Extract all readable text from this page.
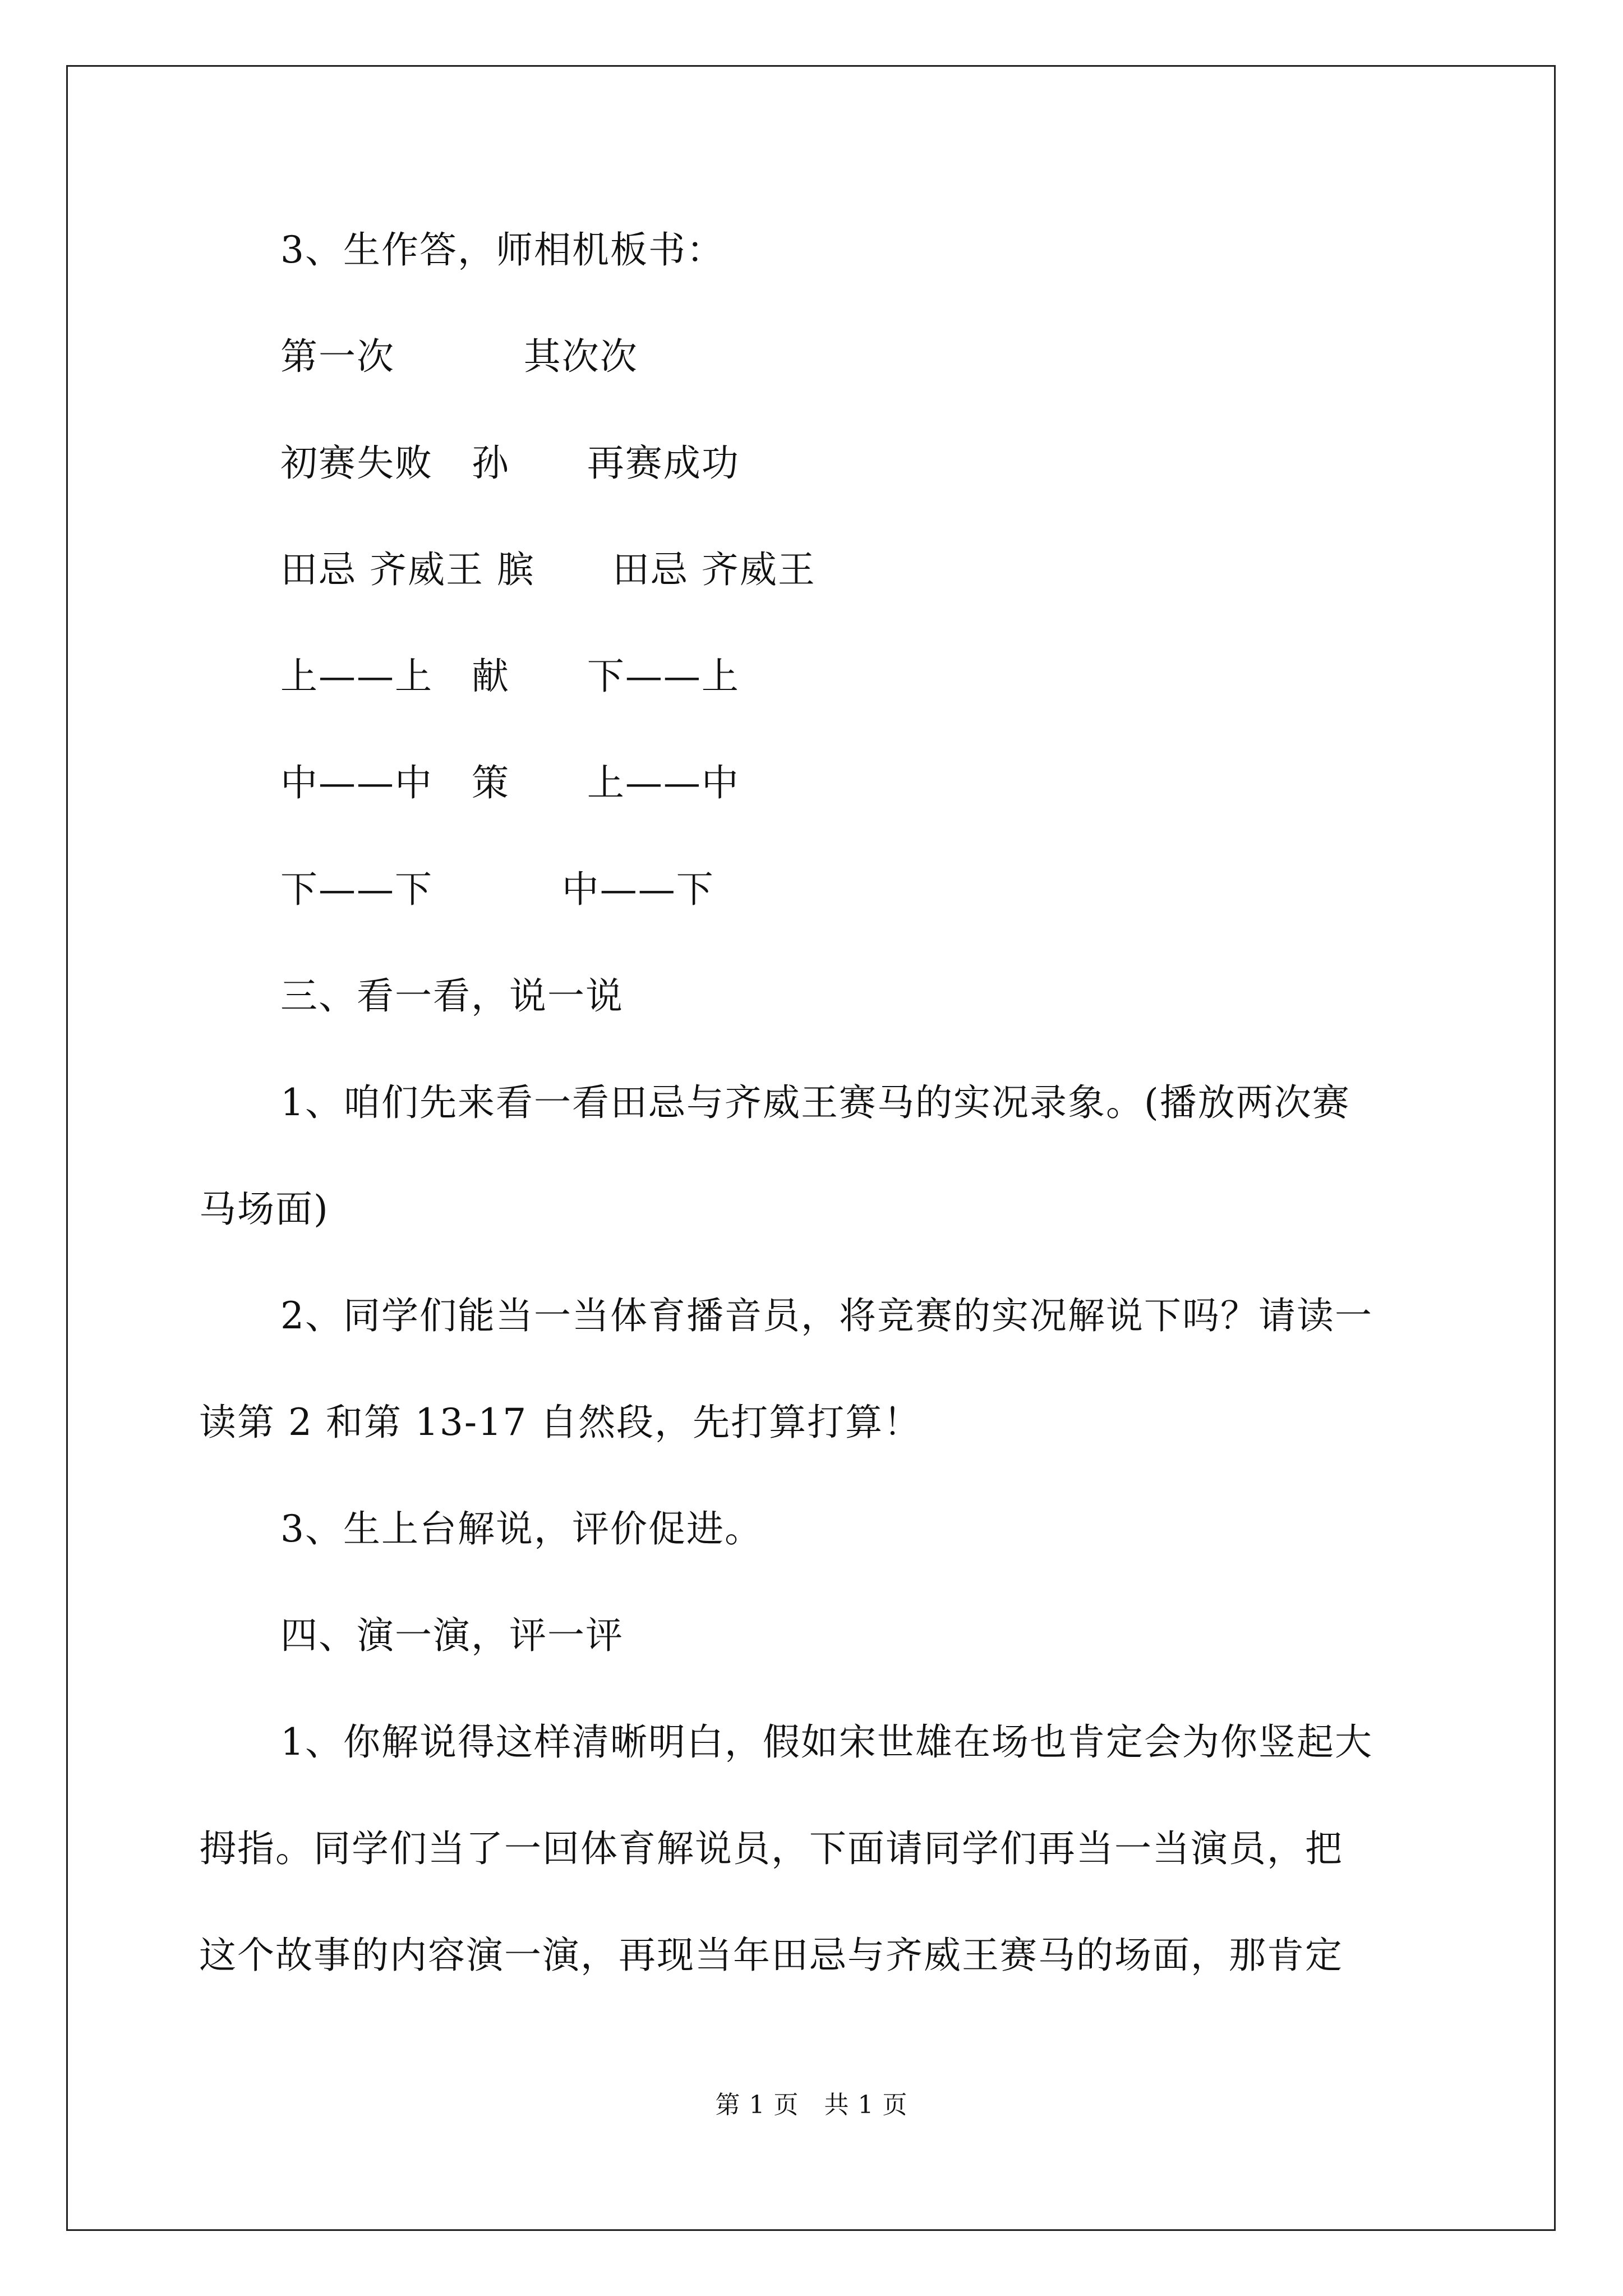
3、生作答，师相机板书：
第一次          其次次
初赛失败   孙      再赛成功
田忌 齐威王 膑      田忌 齐威王
上——上   献      下——上
中——中   策      上——中
下——下          中——下
三、看一看，说一说
1、咱们先来看一看田忌与齐威王赛马的实况录象。(播放两次赛
马场面)
2、同学们能当一当体育播音员，将竞赛的实况解说下吗？请读一
读第 2 和第 13-17 自然段，先打算打算！
3、生上台解说，评价促进。
四、演一演，评一评
1、你解说得这样清晰明白，假如宋世雄在场也肯定会为你竖起大
拇指。同学们当了一回体育解说员，下面请同学们再当一当演员，把
这个故事的内容演一演，再现当年田忌与齐威王赛马的场面，那肯定
第 1 页   共 1 页
